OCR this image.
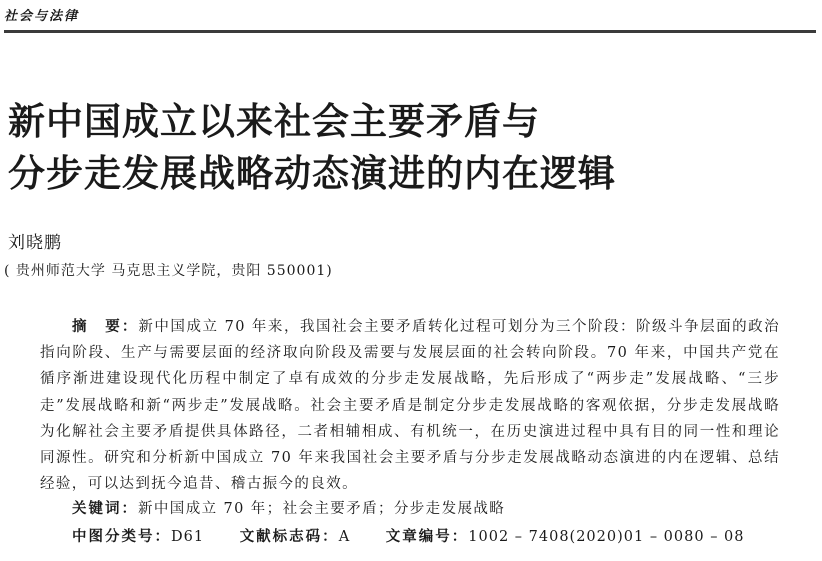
社会与法律
新中国成立以来社会主要矛盾与
分步走发展战略动态演进的内在逻辑
刘晓鹏
( 贵州师范大学 马克思主义学院，贵阳 550001)

摘　要：新中国成立 70 年来，我国社会主要矛盾转化过程可划分为三个阶段：阶级斗争层面的政治指向阶段、生产与需要层面的经济取向阶段及需要与发展层面的社会转向阶段。70 年来，中国共产党在循序渐进建设现代化历程中制定了卓有成效的分步走发展战略，先后形成了“两步走”发展战略、“三步走”发展战略和新“两步走”发展战略。社会主要矛盾是制定分步走发展战略的客观依据，分步走发展战略为化解社会主要矛盾提供具体路径，二者相辅相成、有机统一，在历史演进过程中具有目的同一性和理论同源性。研究和分析新中国成立 70 年来我国社会主要矛盾与分步走发展战略动态演进的内在逻辑、总结经验，可以达到抚今追昔、稽古振今的良效。

关键词：新中国成立 70 年；社会主要矛盾；分步走发展战略
中图分类号：D61 文献标志码：A 文章编号：1002 – 7408(2020)01 – 0080 – 08
